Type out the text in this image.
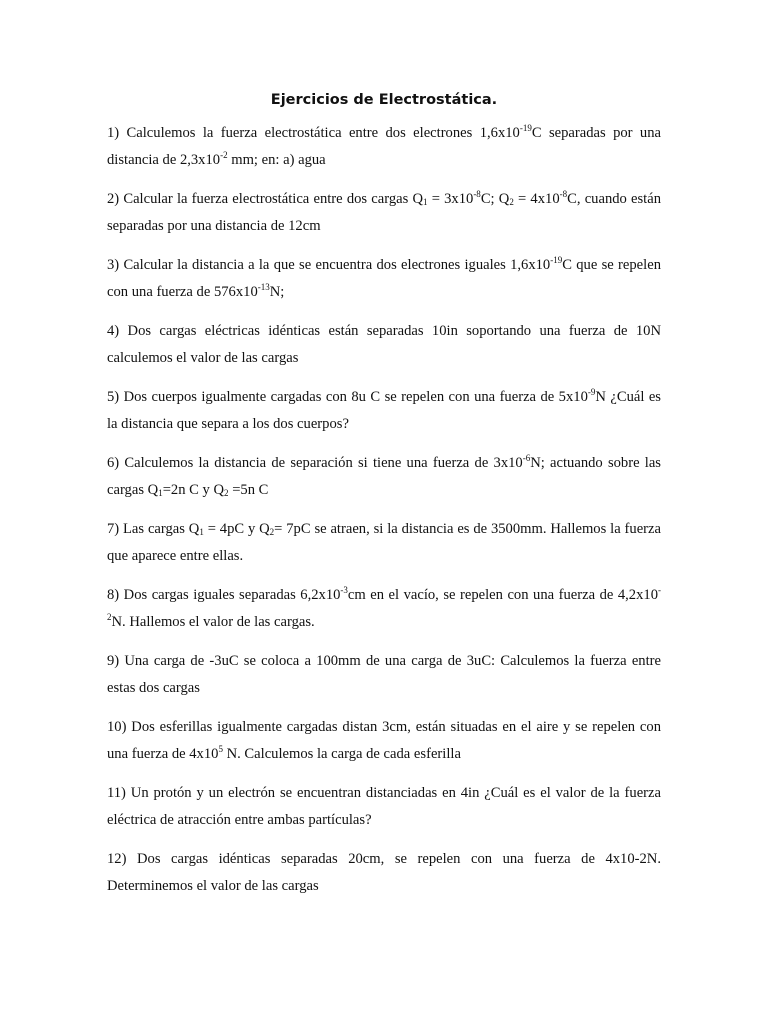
Ejercicios de Electrostática.

1) Calculemos la fuerza electrostática entre dos electrones $1,6x10^{-19}C$ separadas por una distancia de $2,3x10^{-2}$ mm; en: a) agua

2) Calcular la fuerza electrostática entre dos cargas $Q_1 = 3x10^{-8}C$; $Q_2 = 4x10^{-8}C$, cuando están separadas por una distancia de 12cm

3) Calcular la distancia a la que se encuentra dos electrones iguales $1,6x10^{-19}C$ que se repelen con una fuerza de $576x10^{-13}N$;

4) Dos cargas eléctricas idénticas están separadas 10in soportando una fuerza de 10N calculemos el valor de las cargas

5) Dos cuerpos igualmente cargadas con 8u C se repelen con una fuerza de $5x10^{-9}N$ ¿Cuál es la distancia que separa a los dos cuerpos?

6) Calculemos la distancia de separación si tiene una fuerza de $3x10^{-6}N$; actuando sobre las cargas $Q_1=2n$ C y $Q_2 =5n$ C

7) Las cargas $Q_1 = 4pC$ y $Q_2= 7pC$ se atraen, si la distancia es de 3500mm. Hallemos la fuerza que aparece entre ellas.

8) Dos cargas iguales separadas $6,2x10^{-3}cm$ en el vacío, se repelen con una fuerza de $4,2x10^{-2}N$. Hallemos el valor de las cargas.

9) Una carga de -3uC se coloca a 100mm de una carga de 3uC: Calculemos la fuerza entre estas dos cargas

10) Dos esferillas igualmente cargadas distan 3cm, están situadas en el aire y se repelen con una fuerza de $4x10^5$ N. Calculemos la carga de cada esferilla

11) Un protón y un electrón se encuentran distanciadas en 4in ¿Cuál es el valor de la fuerza eléctrica de atracción entre ambas partículas?

12) Dos cargas idénticas separadas 20cm, se repelen con una fuerza de 4x10-2N. Determinemos el valor de las cargas
